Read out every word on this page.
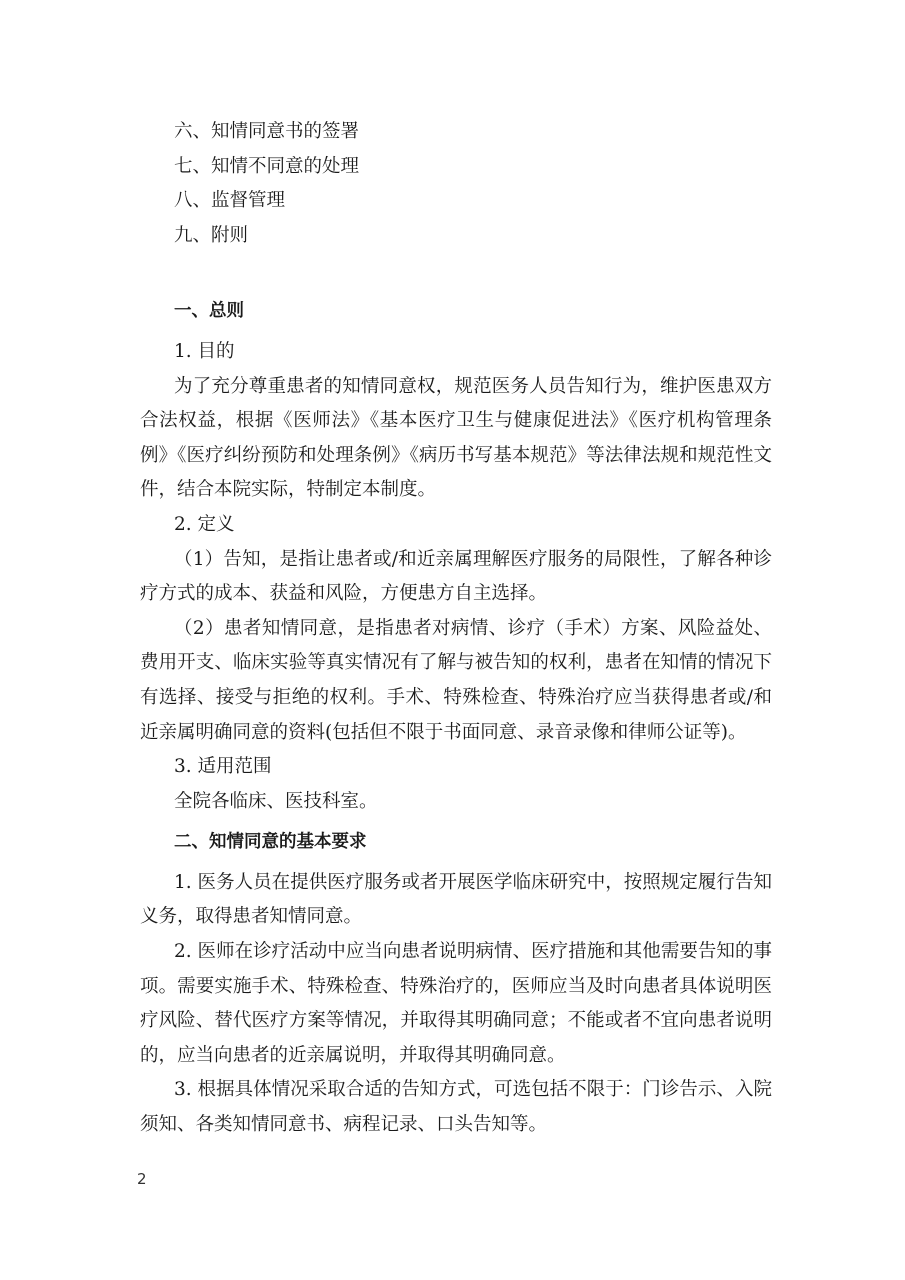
六、知情同意书的签署
七、知情不同意的处理
八、监督管理
九、附则
一、总则
1. 目的
为了充分尊重患者的知情同意权，规范医务人员告知行为，维护医患双方合法权益，根据《医师法》《基本医疗卫生与健康促进法》《医疗机构管理条例》《医疗纠纷预防和处理条例》《病历书写基本规范》等法律法规和规范性文件，结合本院实际，特制定本制度。
2. 定义
（1）告知，是指让患者或/和近亲属理解医疗服务的局限性，了解各种诊疗方式的成本、获益和风险，方便患方自主选择。
（2）患者知情同意，是指患者对病情、诊疗（手术）方案、风险益处、费用开支、临床实验等真实情况有了解与被告知的权利，患者在知情的情况下有选择、接受与拒绝的权利。手术、特殊检查、特殊治疗应当获得患者或/和近亲属明确同意的资料(包括但不限于书面同意、录音录像和律师公证等)。
3. 适用范围
全院各临床、医技科室。
二、知情同意的基本要求
1. 医务人员在提供医疗服务或者开展医学临床研究中，按照规定履行告知义务，取得患者知情同意。
2. 医师在诊疗活动中应当向患者说明病情、医疗措施和其他需要告知的事项。需要实施手术、特殊检查、特殊治疗的，医师应当及时向患者具体说明医疗风险、替代医疗方案等情况，并取得其明确同意；不能或者不宜向患者说明的，应当向患者的近亲属说明，并取得其明确同意。
3. 根据具体情况采取合适的告知方式，可选包括不限于：门诊告示、入院须知、各类知情同意书、病程记录、口头告知等。
2
